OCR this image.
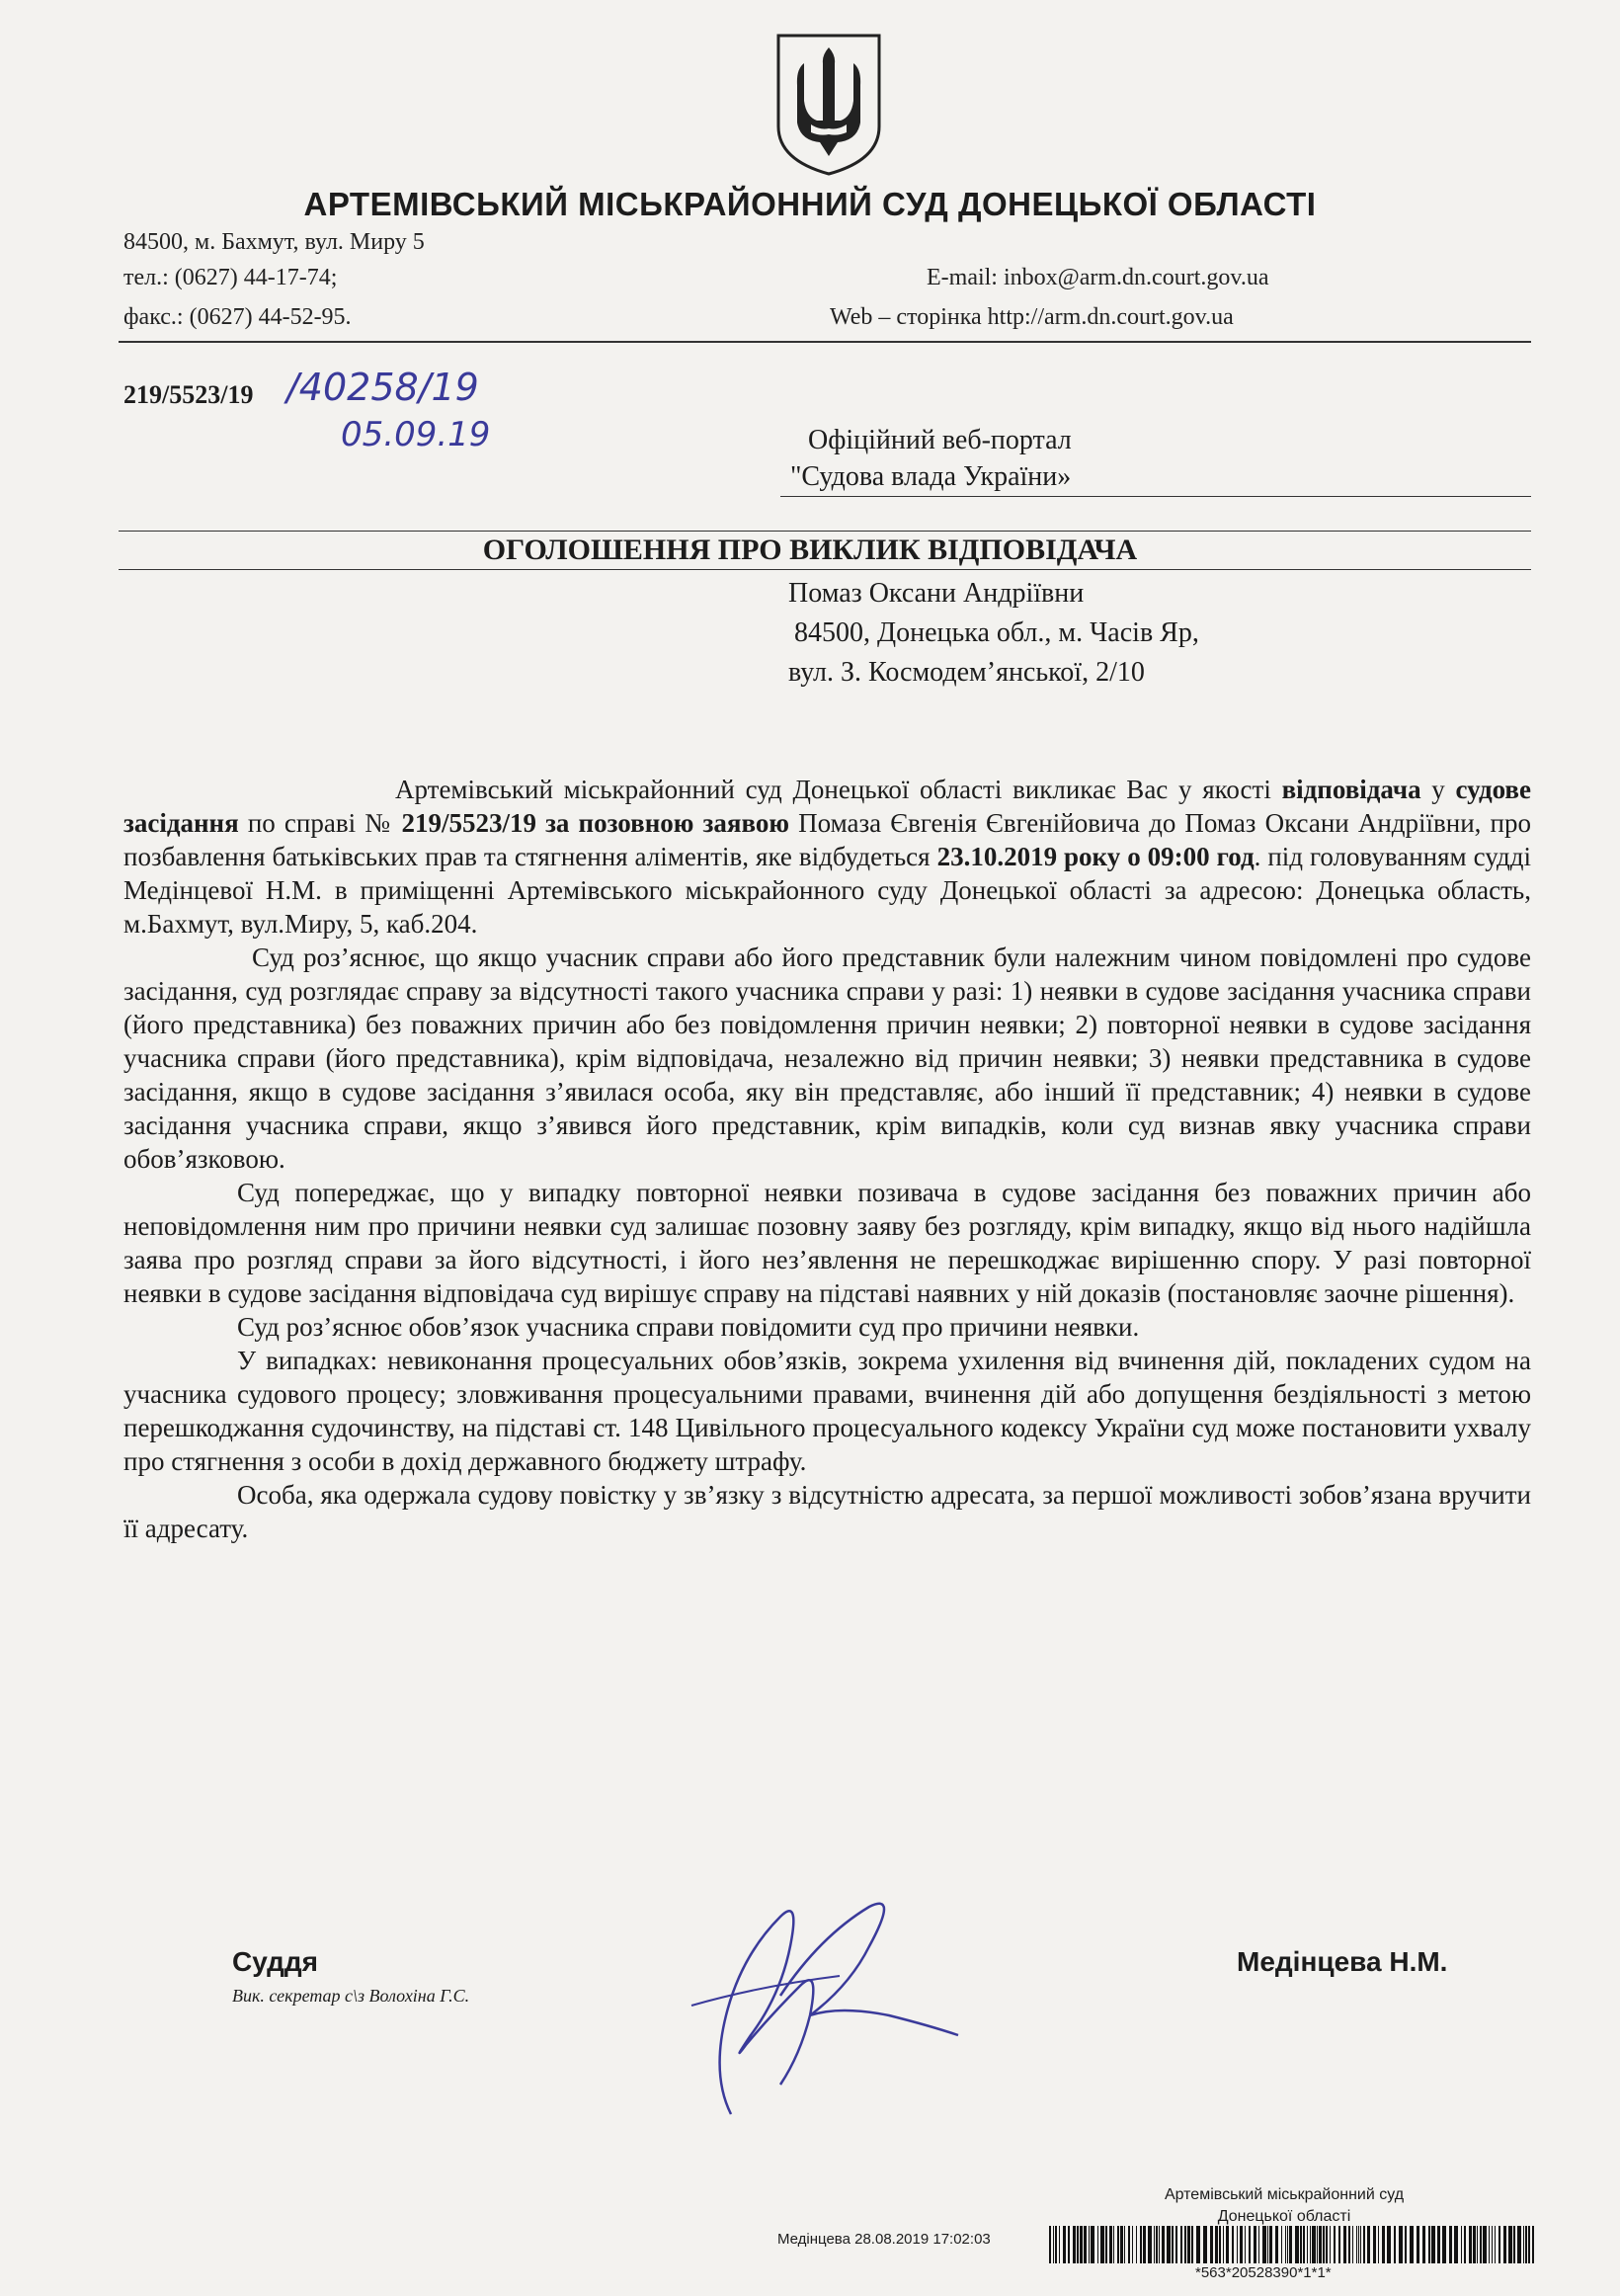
АРТЕМІВСЬКИЙ МІСЬКРАЙОННИЙ СУД ДОНЕЦЬКОЇ ОБЛАСТІ
84500, м. Бахмут, вул. Миру 5
тел.: (0627) 44-17-74;
факс.: (0627) 44-52-95.
E-mail: inbox@arm.dn.court.gov.ua
Web – сторінка http://arm.dn.court.gov.ua
219/5523/19 /40258/19
05.09.19	Офіційний веб-портал
"Судова влада України»
ОГОЛОШЕННЯ ПРО ВИКЛИК ВІДПОВІДАЧА
Помаз Оксани Андріївни
84500, Донецька обл., м. Часів Яр,
вул. З. Космодем’янської, 2/10

Артемівський міськрайонний суд Донецької області викликає Вас у якості відповідача у судове засідання по справі № 219/5523/19 за позовною заявою Помаза Євгенія Євгенійовича до Помаз Оксани Андріївни, про позбавлення батьківських прав та стягнення аліментів, яке відбудеться 23.10.2019 року о 09:00 год. під головуванням судді Медінцевої Н.М. в приміщенні Артемівського міськрайонного суду Донецької області за адресою: Донецька область, м.Бахмут, вул.Миру, 5, каб.204.

Суд роз’яснює, що якщо учасник справи або його представник були належним чином повідомлені про судове засідання, суд розглядає справу за відсутності такого учасника справи у разі: 1) неявки в судове засідання учасника справи (його представника) без поважних причин або без повідомлення причин неявки; 2) повторної неявки в судове засідання учасника справи (його представника), крім відповідача, незалежно від причин неявки; 3) неявки представника в судове засідання, якщо в судове засідання з’явилася особа, яку він представляє, або інший її представник; 4) неявки в судове засідання учасника справи, якщо з’явився його представник, крім випадків, коли суд визнав явку учасника справи обов’язковою.

Суд попереджає, що у випадку повторної неявки позивача в судове засідання без поважних причин або неповідомлення ним про причини неявки суд залишає позовну заяву без розгляду, крім випадку, якщо від нього надійшла заява про розгляд справи за його відсутності, і його нез’явлення не перешкоджає вирішенню спору. У разі повторної неявки в судове засідання відповідача суд вирішує справу на підставі наявних у ній доказів (постановляє заочне рішення).

Суд роз’яснює обов’язок учасника справи повідомити суд про причини неявки.

У випадках: невиконання процесуальних обов’язків, зокрема ухилення від вчинення дій, покладених судом на учасника судового процесу; зловживання процесуальними правами, вчинення дій або допущення бездіяльності з метою перешкоджання судочинству, на підставі ст. 148 Цивільного процесуального кодексу України суд може постановити ухвалу про стягнення з особи в дохід державного бюджету штрафу.

Особа, яка одержала судову повістку у зв’язку з відсутністю адресата, за першої можливості зобов’язана вручити її адресату.

Суддя
Вик. секретар с\з Волохіна Г.С.
Медінцева Н.М.
Артемівський міськрайонний суд
Донецької області
Медінцева 28.08.2019 17:02:03
*563*20528390*1*1*
